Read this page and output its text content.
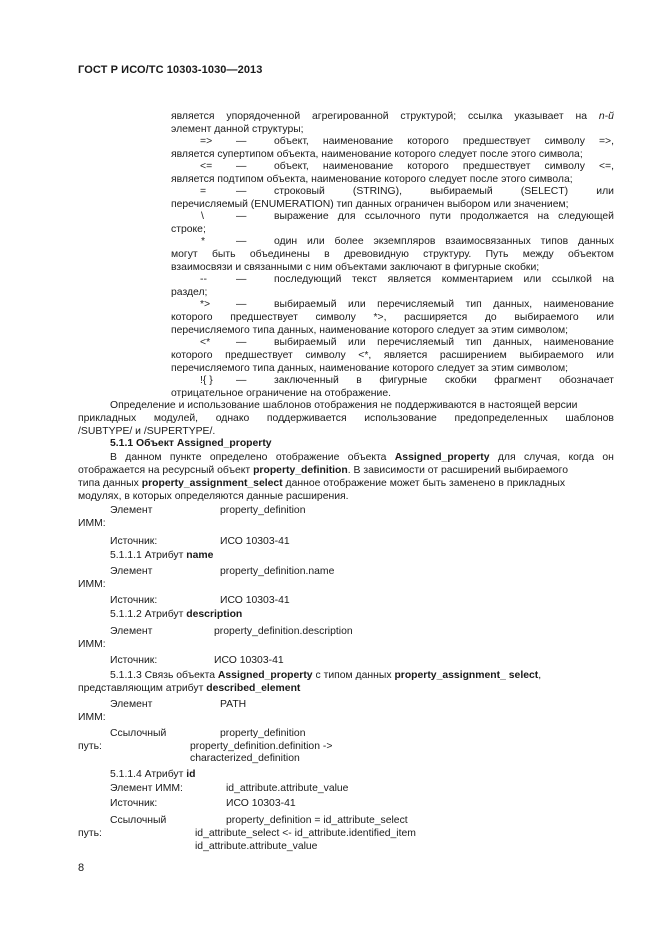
ГОСТ Р ИСО/ТС 10303-1030—2013
является упорядоченной агрегированной структурой; ссылка указывает на n-й
элемент данной структуры;
=> —	объект, наименование которого предшествует символу =>,
является супертипом объекта, наименование которого следует после этого символа;
<= —	объект, наименование которого предшествует символу <=,
является подтипом объекта, наименование которого следует после этого символа;
=	—	строковый	(STRING),	выбираемый	(SELECT)	или
перечисляемый (ENUMERATION) тип данных ограничен выбором или значением;
\	—	выражение для ссылочного пути продолжается на следующей
строке;
*	—	один или более экземпляров взаимосвязанных типов данных
могут быть объединены в древовидную структуру. Путь между объектом
взаимосвязи и связанными с ним объектами заключают в фигурные скобки;
--	—	последующий текст является комментарием или ссылкой на
раздел;
*> —	выбираемый или перечисляемый тип данных, наименование
которого предшествует символу *>, расширяется до выбираемого или
перечисляемого типа данных, наименование которого следует за этим символом;
<* —	выбираемый или перечисляемый тип данных, наименование
которого предшествует символу <*, является расширением выбираемого или
перечисляемого типа данных, наименование которого следует за этим символом;
!{ } —	заключенный в фигурные скобки фрагмент обозначает
отрицательное ограничение на отображение.
Определение и использование шаблонов отображения не поддерживаются в настоящей версии
прикладных модулей, однако поддерживается использование предопределенных шаблонов
/SUBTYPE/ и /SUPERTYPE/.
5.1.1 Объект Assigned_property
В данном пункте определено отображение объекта Assigned_property для случая, когда он
отображается на ресурсный объект property_definition. В зависимости от расширений выбираемого
типа данных property_assignment_select данное отображение может быть заменено в прикладных
модулях, в которых определяются данные расширения.
Элемент	property_definition
ИММ:
Источник:	ИСО 10303-41
5.1.1.1 Атрибут name
Элемент	property_definition.name
ИММ:
Источник:	ИСО 10303-41
5.1.1.2 Атрибут description
Элемент	property_definition.description
ИММ:
Источник:	ИСО 10303-41
5.1.1.3 Связь объекта Assigned_property с типом данных property_assignment_ select,
представляющим атрибут described_element
Элемент	PATH
ИММ:
Ссылочный	property_definition
путь:	property_definition.definition ->
characterized_definition
5.1.1.4 Атрибут id
Элемент ИММ:	id_attribute.attribute_value
Источник:	ИСО 10303-41
Ссылочный	property_definition = id_attribute_select
путь:	id_attribute_select <- id_attribute.identified_item
id_attribute.attribute_value
8
